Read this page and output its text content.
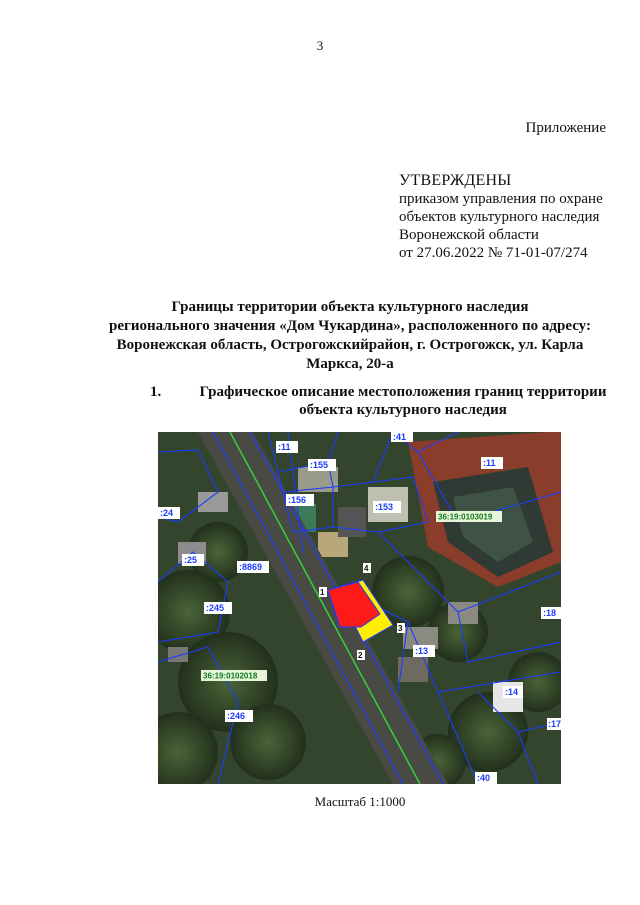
3
Приложение
УТВЕРЖДЕНЫ
приказом управления по охране
объектов культурного наследия
Воронежской области
от 27.06.2022 № 71-01-07/274
Границы территории объекта культурного наследия
регионального значения «Дом Чукардина», расположенного по адресу:
Воронежская область, Острогожскийрайон, г. Острогожск, ул. Карла
Маркса, 20-а
1.	Графическое описание местоположения границ территории
объекта культурного наследия
1
4
3
2
:11
:155
:41
:11
:156
:153
:24
:25
:8869
:245	:18
:13
:14
:246
:17
:40
36:19:0103019
36:19:0102018
Масштаб 1:1000
